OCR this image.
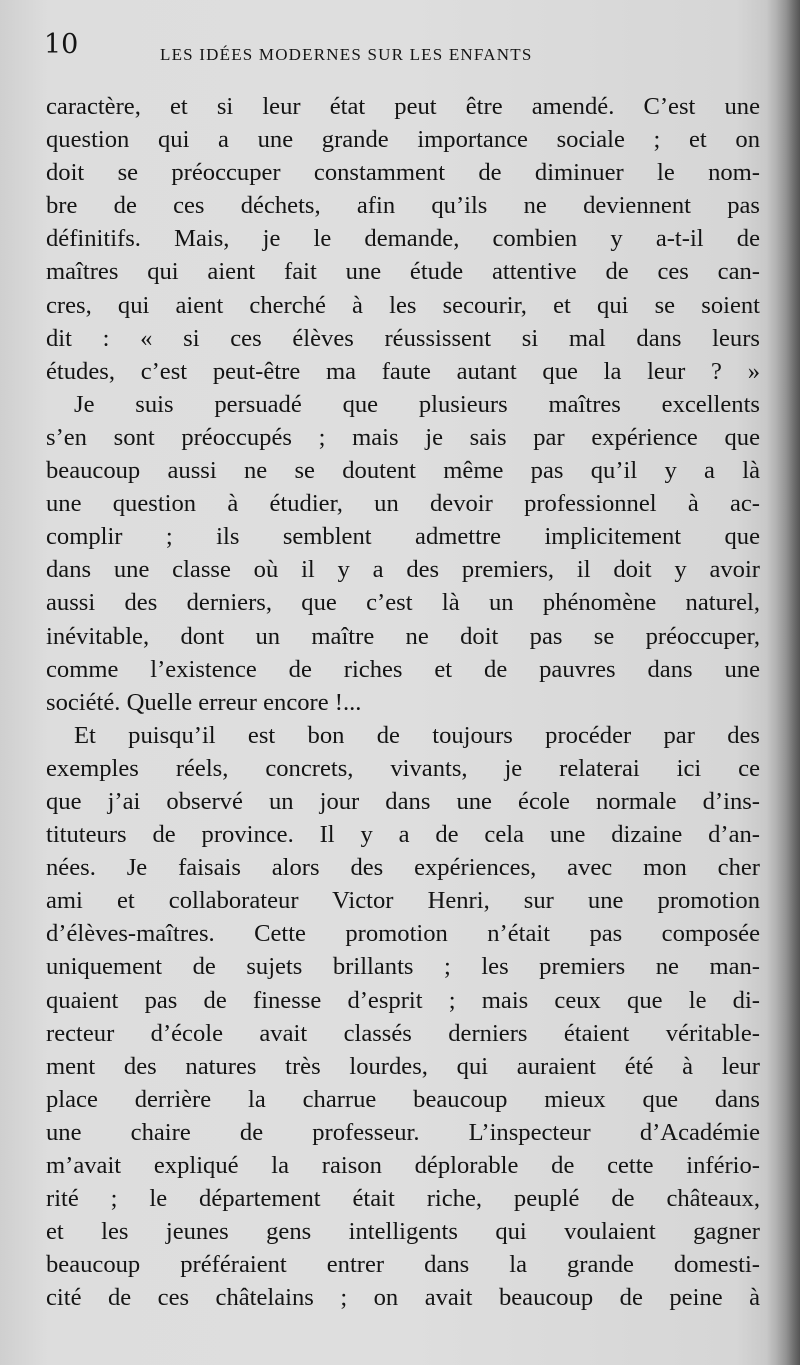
10	LES IDÉES MODERNES SUR LES ENFANTS
caractère, et si leur état peut être amendé. C’est une
question qui a une grande importance sociale ; et on
doit se préoccuper constamment de diminuer le nom-
bre de ces déchets, afin qu’ils ne deviennent pas
définitifs. Mais, je le demande, combien y a-t-il de
maîtres qui aient fait une étude attentive de ces can-
cres, qui aient cherché à les secourir, et qui se soient
dit : « si ces élèves réussissent si mal dans leurs
études, c’est peut-être ma faute autant que la leur ? »
Je suis persuadé que plusieurs maîtres excellents
s’en sont préoccupés ; mais je sais par expérience que
beaucoup aussi ne se doutent même pas qu’il y a là
une question à étudier, un devoir professionnel à ac-
complir ; ils semblent admettre implicitement que
dans une classe où il y a des premiers, il doit y avoir
aussi des derniers, que c’est là un phénomène naturel,
inévitable, dont un maître ne doit pas se préoccuper,
comme l’existence de riches et de pauvres dans une
société. Quelle erreur encore !...
Et puisqu’il est bon de toujours procéder par des
exemples réels, concrets, vivants, je relaterai ici ce
que j’ai observé un jour dans une école normale d’ins-
tituteurs de province. Il y a de cela une dizaine d’an-
nées. Je faisais alors des expériences, avec mon cher
ami et collaborateur Victor Henri, sur une promotion
d’élèves-maîtres. Cette promotion n’était pas composée
uniquement de sujets brillants ; les premiers ne man-
quaient pas de finesse d’esprit ; mais ceux que le di-
recteur d’école avait classés derniers étaient véritable-
ment des natures très lourdes, qui auraient été à leur
place derrière la charrue beaucoup mieux que dans
une chaire de professeur. L’inspecteur d’Académie
m’avait expliqué la raison déplorable de cette infério-
rité ; le département était riche, peuplé de châteaux,
et les jeunes gens intelligents qui voulaient gagner
beaucoup préféraient entrer dans la grande domesti-
cité de ces châtelains ; on avait beaucoup de peine à
